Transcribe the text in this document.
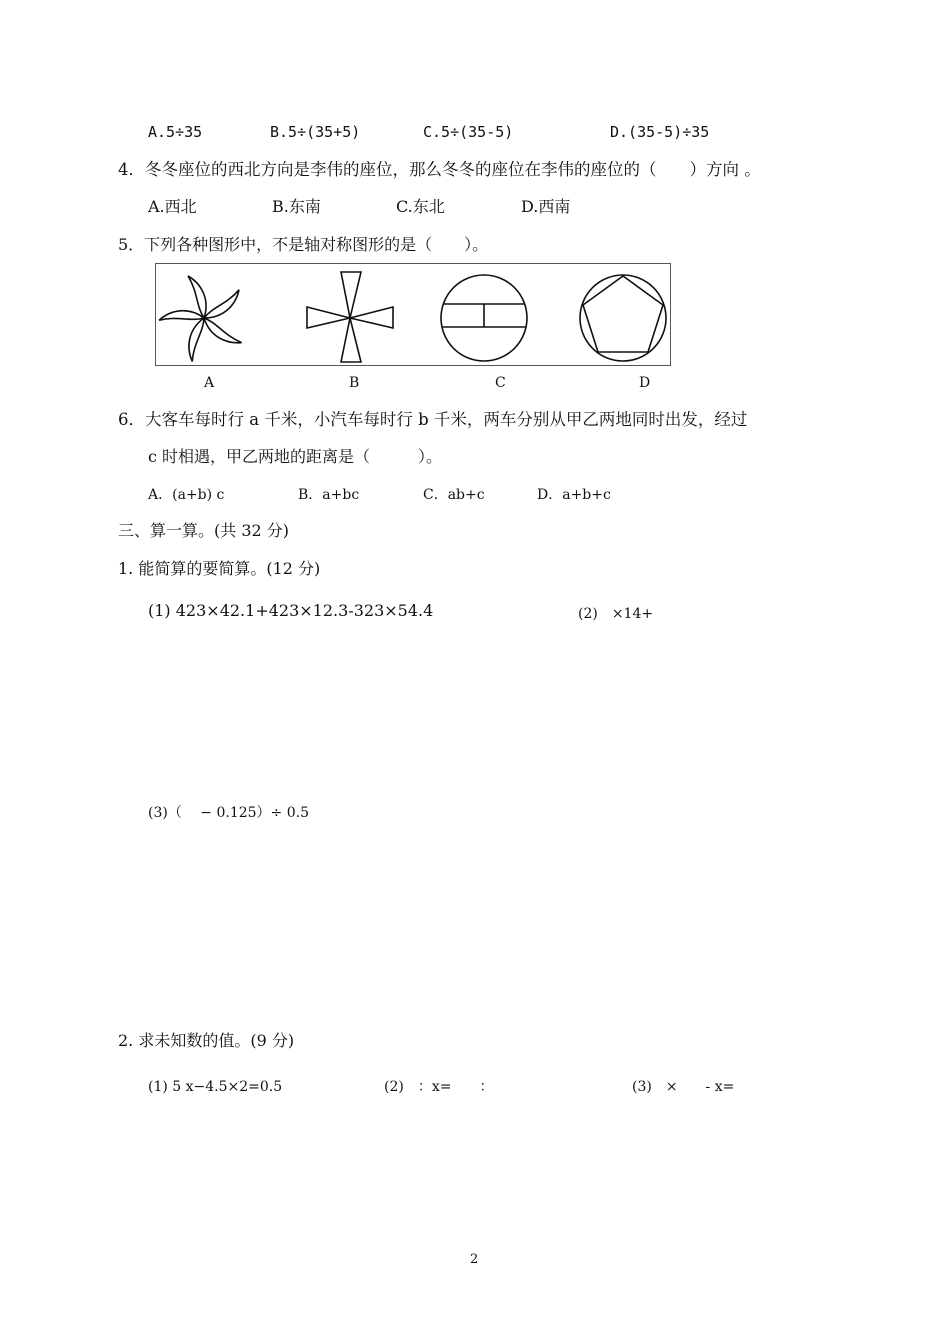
A.5÷35	B.5÷(35+5)	C.5÷(35-5)	D.(35-5)÷35
4．冬冬座位的西北方向是李伟的座位，那么冬冬的座位在李伟的座位的（　　）方向 。
A.西北	B.东南	C.东北	D.西南
5．下列各种图形中，不是轴对称图形的是（　　）。
A	B	C	D
6．大客车每时行 a 千米，小汽车每时行 b 千米，两车分别从甲乙两地同时出发，经过
c 时相遇，甲乙两地的距离是（　　　）。
A．(a+b) c	B．a+bc	C．ab+c	D．a+b+c
三、算一算。(共 32 分)
1. 能简算的要简算。(12 分)
(1) 423×42.1+423×12.3-323×54.4	(2)　×14+
(3)（　 − 0.125）÷ 0.5
2. 求未知数的值。(9 分)
(1) 5 x−4.5×2=0.5	(2)　：x=　　：	(3)　×　　- x=
2
